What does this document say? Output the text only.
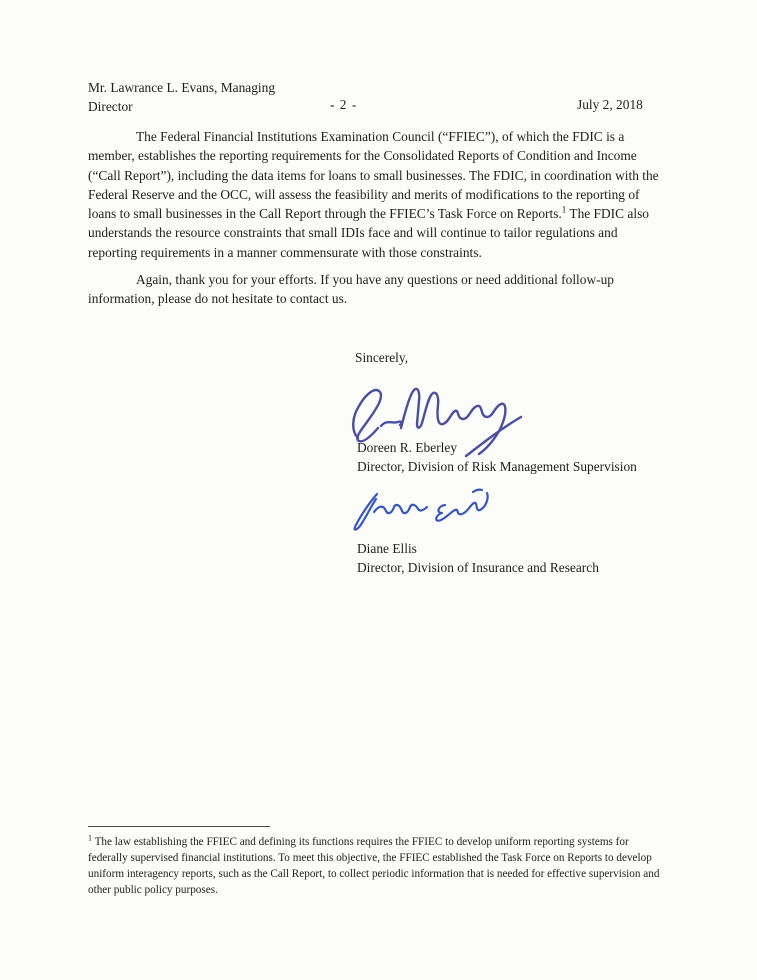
Mr. Lawrance L. Evans, Managing
Director	- 2 -	July 2, 2018

The Federal Financial Institutions Examination Council (“FFIEC”), of which the FDIC is a member, establishes the reporting requirements for the Consolidated Reports of Condition and Income (“Call Report”), including the data items for loans to small businesses. The FDIC, in coordination with the Federal Reserve and the OCC, will assess the feasibility and merits of modifications to the reporting of loans to small businesses in the Call Report through the FFIEC’s Task Force on Reports.$^1$ The FDIC also understands the resource constraints that small IDIs face and will continue to tailor regulations and reporting requirements in a manner commensurate with those constraints.

Again, thank you for your efforts. If you have any questions or need additional follow-up information, please do not hesitate to contact us.

Sincerely,
Doreen R. Eberley
Director, Division of Risk Management Supervision
Diane Ellis
Director, Division of Insurance and Research
$^1$ The law establishing the FFIEC and defining its functions requires the FFIEC to develop uniform reporting systems for federally supervised financial institutions. To meet this objective, the FFIEC established the Task Force on Reports to develop uniform interagency reports, such as the Call Report, to collect periodic information that is needed for effective supervision and other public policy purposes.
